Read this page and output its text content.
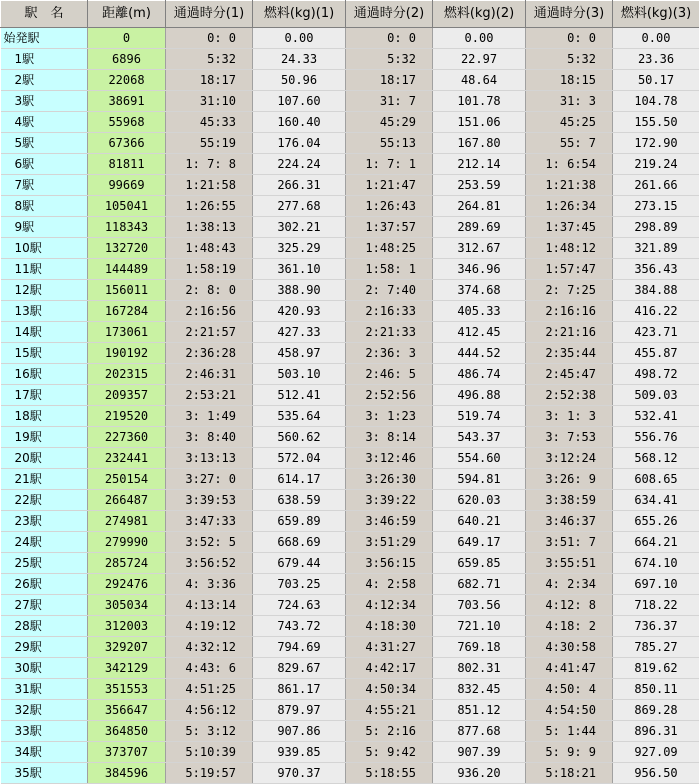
駅　名	距離(m)	通過時分(1)	燃料(kg)(1)	通過時分(2)	燃料(kg)(2)	通過時分(3)	燃料(kg)(3)
始発駅	0	0: 0	0.00	0: 0	0.00	0: 0	0.00
1駅	6896	5:32	24.33	5:32	22.97	5:32	23.36
2駅	22068	18:17	50.96	18:17	48.64	18:15	50.17
3駅	38691	31:10	107.60	31: 7	101.78	31: 3	104.78
4駅	55968	45:33	160.40	45:29	151.06	45:25	155.50
5駅	67366	55:19	176.04	55:13	167.80	55: 7	172.90
6駅	81811	1: 7: 8	224.24	1: 7: 1	212.14	1: 6:54	219.24
7駅	99669	1:21:58	266.31	1:21:47	253.59	1:21:38	261.66
8駅	105041	1:26:55	277.68	1:26:43	264.81	1:26:34	273.15
9駅	118343	1:38:13	302.21	1:37:57	289.69	1:37:45	298.89
10駅	132720	1:48:43	325.29	1:48:25	312.67	1:48:12	321.89
11駅	144489	1:58:19	361.10	1:58: 1	346.96	1:57:47	356.43
12駅	156011	2: 8: 0	388.90	2: 7:40	374.68	2: 7:25	384.88
13駅	167284	2:16:56	420.93	2:16:33	405.33	2:16:16	416.22
14駅	173061	2:21:57	427.33	2:21:33	412.45	2:21:16	423.71
15駅	190192	2:36:28	458.97	2:36: 3	444.52	2:35:44	455.87
16駅	202315	2:46:31	503.10	2:46: 5	486.74	2:45:47	498.72
17駅	209357	2:53:21	512.41	2:52:56	496.88	2:52:38	509.03
18駅	219520	3: 1:49	535.64	3: 1:23	519.74	3: 1: 3	532.41
19駅	227360	3: 8:40	560.62	3: 8:14	543.37	3: 7:53	556.76
20駅	232441	3:13:13	572.04	3:12:46	554.60	3:12:24	568.12
21駅	250154	3:27: 0	614.17	3:26:30	594.81	3:26: 9	608.65
22駅	266487	3:39:53	638.59	3:39:22	620.03	3:38:59	634.41
23駅	274981	3:47:33	659.89	3:46:59	640.21	3:46:37	655.26
24駅	279990	3:52: 5	668.69	3:51:29	649.17	3:51: 7	664.21
25駅	285724	3:56:52	679.44	3:56:15	659.85	3:55:51	674.10
26駅	292476	4: 3:36	703.25	4: 2:58	682.71	4: 2:34	697.10
27駅	305034	4:13:14	724.63	4:12:34	703.56	4:12: 8	718.22
28駅	312003	4:19:12	743.72	4:18:30	721.10	4:18: 2	736.37
29駅	329207	4:32:12	794.69	4:31:27	769.18	4:30:58	785.27
30駅	342129	4:43: 6	829.67	4:42:17	802.31	4:41:47	819.62
31駅	351553	4:51:25	861.17	4:50:34	832.45	4:50: 4	850.11
32駅	356647	4:56:12	879.97	4:55:21	851.12	4:54:50	869.28
33駅	364850	5: 3:12	907.86	5: 2:16	877.68	5: 1:44	896.31
34駅	373707	5:10:39	939.85	5: 9:42	907.39	5: 9: 9	927.09
35駅	384596	5:19:57	970.37	5:18:55	936.20	5:18:21	956.50
